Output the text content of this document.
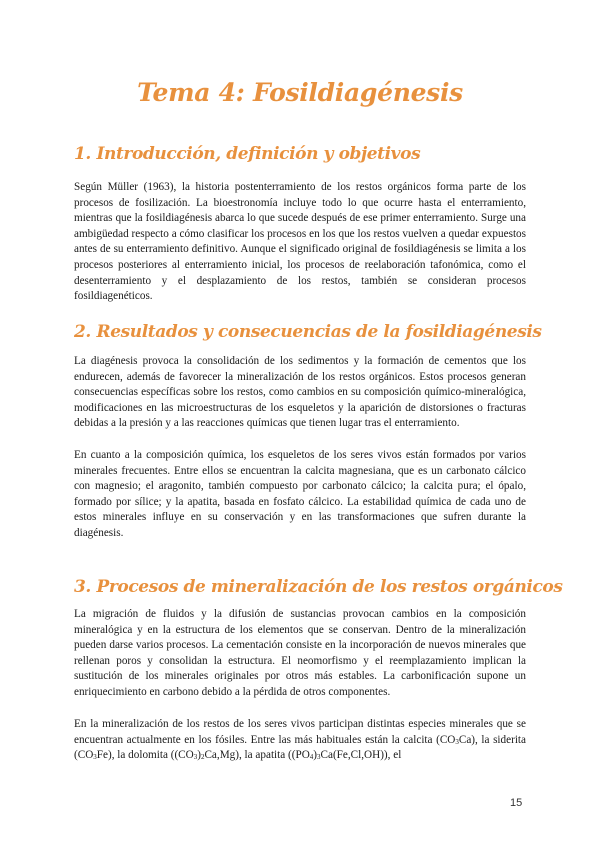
Tema 4: Fosildiagénesis
1. Introducción, definición y objetivos

Según Müller (1963), la historia postenterramiento de los restos orgánicos forma parte de los procesos de fosilización. La bioestronomía incluye todo lo que ocurre hasta el enterramiento, mientras que la fosildiagénesis abarca lo que sucede después de ese primer enterramiento. Surge una ambigüedad respecto a cómo clasificar los procesos en los que los restos vuelven a quedar expuestos antes de su enterramiento definitivo. Aunque el significado original de fosildiagénesis se limita a los procesos posteriores al enterramiento inicial, los procesos de reelaboración tafonómica, como el desenterramiento y el desplazamiento de los restos, también se consideran procesos fosildiagenéticos.

2. Resultados y consecuencias de la fosildiagénesis

La diagénesis provoca la consolidación de los sedimentos y la formación de cementos que los endurecen, además de favorecer la mineralización de los restos orgánicos. Estos procesos generan consecuencias específicas sobre los restos, como cambios en su composición químico-mineralógica, modificaciones en las microestructuras de los esqueletos y la aparición de distorsiones o fracturas debidas a la presión y a las reacciones químicas que tienen lugar tras el enterramiento.

En cuanto a la composición química, los esqueletos de los seres vivos están formados por varios minerales frecuentes. Entre ellos se encuentran la calcita magnesiana, que es un carbonato cálcico con magnesio; el aragonito, también compuesto por carbonato cálcico; la calcita pura; el ópalo, formado por sílice; y la apatita, basada en fosfato cálcico. La estabilidad química de cada uno de estos minerales influye en su conservación y en las transformaciones que sufren durante la diagénesis.

3. Procesos de mineralización de los restos orgánicos

La migración de fluidos y la difusión de sustancias provocan cambios en la composición mineralógica y en la estructura de los elementos que se conservan. Dentro de la mineralización pueden darse varios procesos. La cementación consiste en la incorporación de nuevos minerales que rellenan poros y consolidan la estructura. El neomorfismo y el reemplazamiento implican la sustitución de los minerales originales por otros más estables. La carbonificación supone un enriquecimiento en carbono debido a la pérdida de otros componentes.

En la mineralización de los restos de los seres vivos participan distintas especies minerales que se encuentran actualmente en los fósiles. Entre las más habituales están la calcita $(CO_3Ca)$, la siderita $(CO_3Fe)$, la dolomita $((CO_3)_2Ca,Mg)$, la apatita $((PO_4)_3Ca(Fe,Cl,OH))$, el

15
